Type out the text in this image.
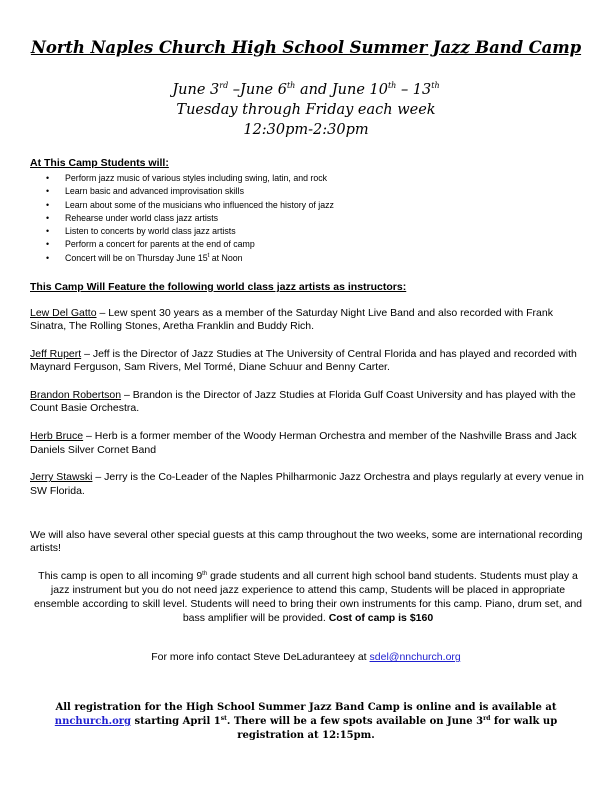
North Naples Church High School Summer Jazz Band Camp

June 3rd –June 6th and June 10th – 13th

Tuesday through Friday each week

12:30pm-2:30pm

At This Camp Students will:

• Perform jazz music of various styles including swing, latin, and rock
• Learn basic and advanced improvisation skills
• Learn about some of the musicians who influenced the history of jazz
• Rehearse under world class jazz artists
• Listen to concerts by world class jazz artists
• Perform a concert for parents at the end of camp
• Concert will be on Thursday June 15$^t$ at Noon

This Camp Will Feature the following world class jazz artists as instructors:

Lew Del Gatto – Lew spent 30 years as a member of the Saturday Night Live Band and also recorded with Frank Sinatra, The Rolling Stones, Aretha Franklin and Buddy Rich.

Jeff Rupert – Jeff is the Director of Jazz Studies at The University of Central Florida and has played and recorded with Maynard Ferguson, Sam Rivers, Mel Tormé, Diane Schuur and Benny Carter.

Brandon Robertson – Brandon is the Director of Jazz Studies at Florida Gulf Coast University and has played with the Count Basie Orchestra.

Herb Bruce – Herb is a former member of the Woody Herman Orchestra and member of the Nashville Brass and Jack Daniels Silver Cornet Band

Jerry Stawski – Jerry is the Co-Leader of the Naples Philharmonic Jazz Orchestra and plays regularly at every venue in SW Florida.

We will also have several other special guests at this camp throughout the two weeks, some are international recording artists!

This camp is open to all incoming 9th grade students and all current high school band students. Students must play a jazz instrument but you do not need jazz experience to attend this camp, Students will be placed in appropriate ensemble according to skill level. Students will need to bring their own instruments for this camp. Piano, drum set, and bass amplifier will be provided. Cost of camp is $160

For more info contact Steve DeLaduranteey at sdel@nnchurch.org

All registration for the High School Summer Jazz Band Camp is online and is available at
nnchurch.org starting April 1st. There will be a few spots available on June 3rd for walk up registration at 12:15pm.
